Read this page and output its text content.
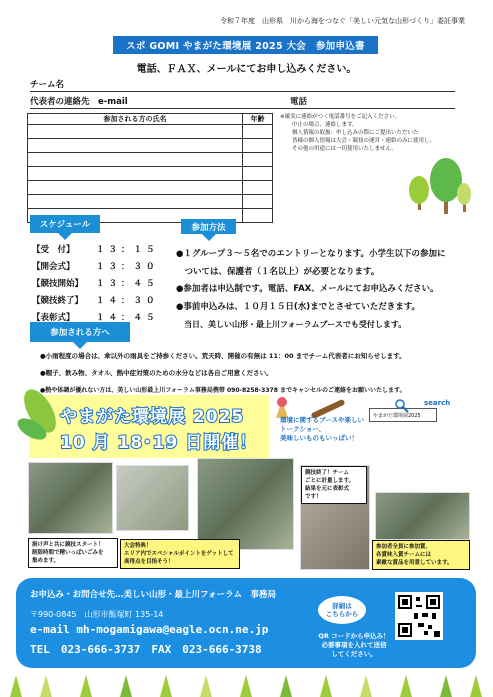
令和７年度　山形県　川から海をつなぐ「美しい元気な山形づくり」委託事業
スポ GOMI やまがた環境展 2025 大会　参加申込書
電話、ＦＡＸ、メールにてお申し込みください。
チーム名
代表者の連絡先　e-mail	電話
参加される方の氏名	年齢

		※確実に連絡がつく電話番号をご記入ください。

中止の場合、連絡します。

個人情報の取扱：申し込みの際にご提出いただいた

皆様の個人情報は大会・競技の運営・連絡のみに使用し、

その他の用途には一切使用いたしません。

スケジュール
【受　付】	１３：１５
【開会式】	１３：３０
【競技開始】	１３：４５
【競技終了】	１４：３０
【表彰式】	１４：４５
参加方法
●１グループ３～５名でのエントリーとなります。小学生以下の参加に
　ついては、保護者（１名以上）が必要となります。
●参加者は申込制です。電話、FAX、メールにてお申込みください。
●事前申込みは、１０月１５日(水)までとさせていただきます。
　当日、美しい山形・最上川フォーラムブースでも受付します。
参加される方へ
●小雨程度の場合は、傘以外の雨具をご持参ください。荒天時、開催の有無は 11：00 までチーム代表者にお知らせします。
●帽子、飲み物、タオル、熱中症対策のための水分などは各自ご用意ください。
●熱や体調が優れない方は、美しい山形最上川フォーラム事務局携帯 090-8258-3378 までキャンセルのご連絡をお願いいたします。
やまがた環境展 2025
10 月 18･19 日開催！
環境に関するブースや楽しい
トークショー、
美味しいものもいっぱい！
やまがた環境展2025
search
掛け声と共に競技スタート！
制限時間で精いっぱいごみを
集めます。
大会特典！
エリア内でスペシャルポイントをゲットして
高得点を目指そう！
競技終了！チーム
ごとに計量します。
結果を元に表彰式
です！
参加者全員に参加賞、
各賞味入賞チームには
素敵な賞品を用意しています。
お申込み・お問合せ先…美しい山形・最上川フォーラム　事務局
〒990-0845　山形市飯塚町 135-14
e-mail mh-mogamigawa@eagle.ocn.ne.jp
TEL　023-666-3737　FAX　023-666-3738
詳細は
こちらから
QR コードから申込み！
必要事項を入れて送信
してください。
